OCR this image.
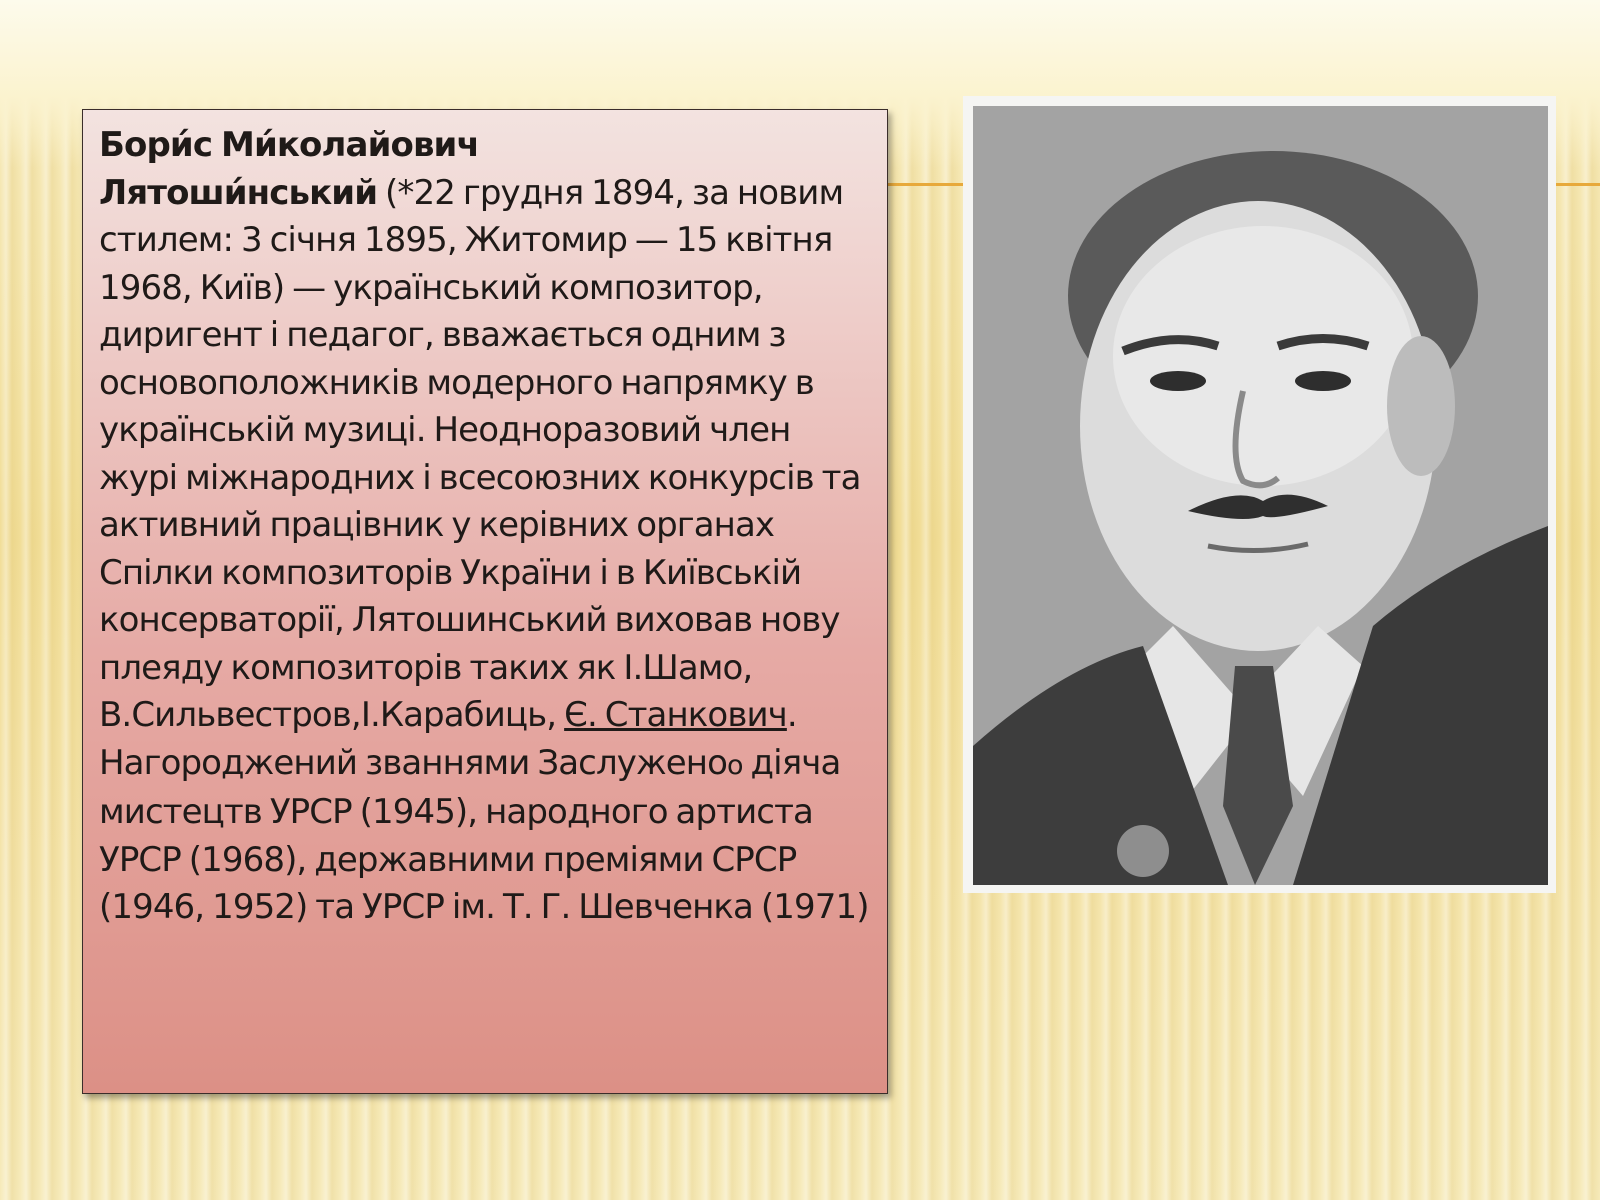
Бори́с Ми́колайович
Лятоши́нський (*22 грудня 1894, за новим стилем: 3 січня 1895, Житомир — 15 квітня 1968, Київ) — український композитор, диригент і педагог, вважається одним з основоположників модерного напрямку в українській музиці. Неодноразовий член журі міжнародних і всесоюзних конкурсів та активний працівник у керівних органах Спілки композиторів України і в Київській консерваторії, Лятошинський виховав нову плеяду композиторів таких як І.Шамо, В.Сильвестров,І.Карабиць, Є. Станкович.

Нагороджений званнями Заслуженоо діяча мистецтв УРСР (1945), народного артиста УРСР (1968), державними преміями СРСР (1946, 1952) та УРСР ім. Т. Г. Шевченка (1971)
